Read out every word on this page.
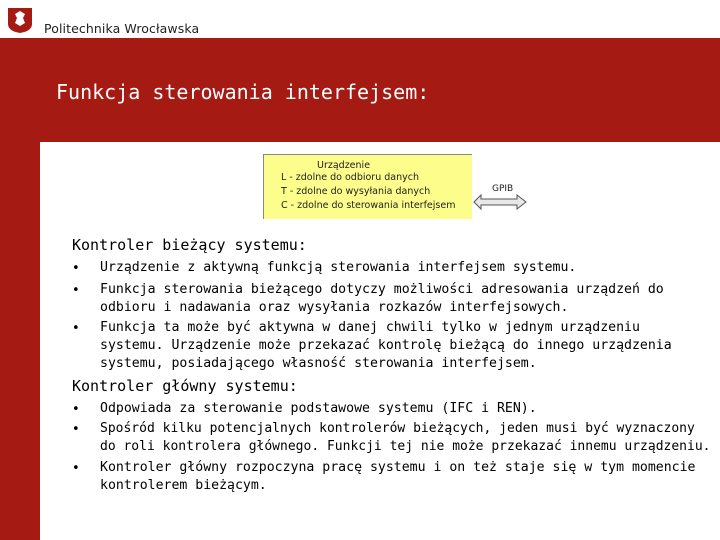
Politechnika Wrocławska
Funkcja sterowania interfejsem:
Urządzenie
L - zdolne do odbioru danych
T - zdolne do wysyłania danych
C - zdolne do sterowania interfejsem
GPIB
Kontroler bieżący systemu:
• Urządzenie z aktywną funkcją sterowania interfejsem systemu.
• Funkcja sterowania bieżącego dotyczy możliwości adresowania urządzeń do
odbioru i nadawania oraz wysyłania rozkazów interfejsowych.
• Funkcja ta może być aktywna w danej chwili tylko w jednym urządzeniu
systemu. Urządzenie może przekazać kontrolę bieżącą do innego urządzenia
systemu, posiadającego własność sterowania interfejsem.
Kontroler główny systemu:
• Odpowiada za sterowanie podstawowe systemu (IFC i REN).
• Spośród kilku potencjalnych kontrolerów bieżących, jeden musi być wyznaczony
do roli kontrolera głównego. Funkcji tej nie może przekazać innemu urządzeniu.
• Kontroler główny rozpoczyna pracę systemu i on też staje się w tym momencie
kontrolerem bieżącym.
